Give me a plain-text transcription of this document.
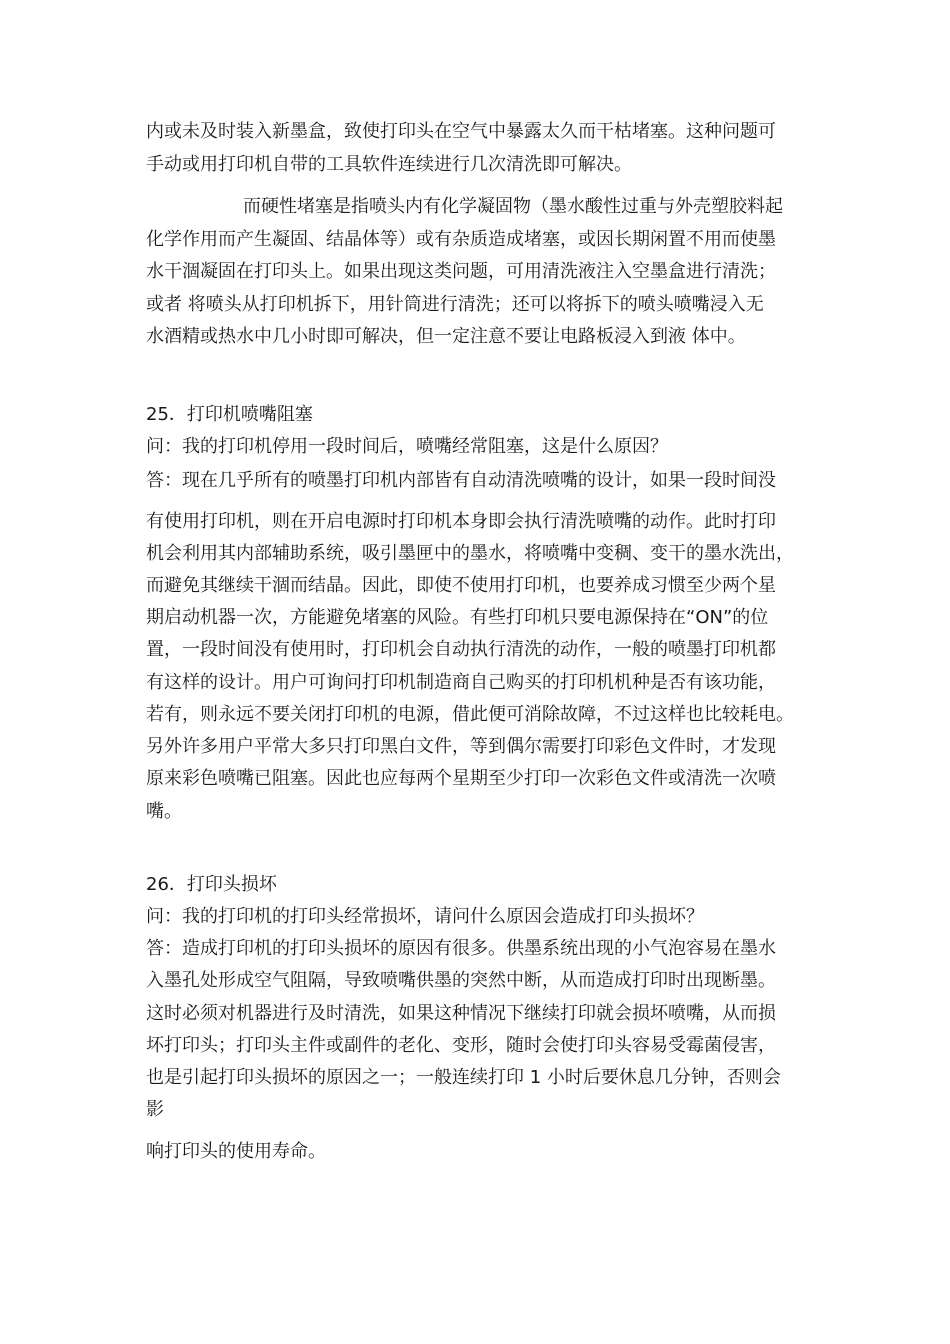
内或未及时装入新墨盒，致使打印头在空气中暴露太久而干枯堵塞。这种问题可
手动或用打印机自带的工具软件连续进行几次清洗即可解决。
而硬性堵塞是指喷头内有化学凝固物（墨水酸性过重与外壳塑胶料起
化学作用而产生凝固、结晶体等）或有杂质造成堵塞，或因长期闲置不用而使墨
水干涸凝固在打印头上。如果出现这类问题，可用清洗液注入空墨盒进行清洗；
或者 将喷头从打印机拆下，用针筒进行清洗；还可以将拆下的喷头喷嘴浸入无
水酒精或热水中几小时即可解决，但一定注意不要让电路板浸入到液 体中。
25．打印机喷嘴阻塞
问：我的打印机停用一段时间后，喷嘴经常阻塞，这是什么原因？
答：现在几乎所有的喷墨打印机内部皆有自动清洗喷嘴的设计，如果一段时间没
有使用打印机，则在开启电源时打印机本身即会执行清洗喷嘴的动作。此时打印
机会利用其内部辅助系统，吸引墨匣中的墨水，将喷嘴中变稠、变干的墨水洗出，
而避免其继续干涸而结晶。因此，即使不使用打印机，也要养成习惯至少两个星
期启动机器一次，方能避免堵塞的风险。有些打印机只要电源保持在“ON”的位
置，一段时间没有使用时，打印机会自动执行清洗的动作，一般的喷墨打印机都
有这样的设计。用户可询问打印机制造商自己购买的打印机机种是否有该功能，
若有，则永远不要关闭打印机的电源，借此便可消除故障，不过这样也比较耗电。
另外许多用户平常大多只打印黑白文件，等到偶尔需要打印彩色文件时，才发现
原来彩色喷嘴已阻塞。因此也应每两个星期至少打印一次彩色文件或清洗一次喷
嘴。
26．打印头损坏
问：我的打印机的打印头经常损坏，请问什么原因会造成打印头损坏？
答：造成打印机的打印头损坏的原因有很多。供墨系统出现的小气泡容易在墨水
入墨孔处形成空气阻隔，导致喷嘴供墨的突然中断，从而造成打印时出现断墨。
这时必须对机器进行及时清洗，如果这种情况下继续打印就会损坏喷嘴，从而损
坏打印头；打印头主件或副件的老化、变形，随时会使打印头容易受霉菌侵害，
也是引起打印头损坏的原因之一；一般连续打印 1 小时后要休息几分钟，否则会
影
响打印头的使用寿命。
